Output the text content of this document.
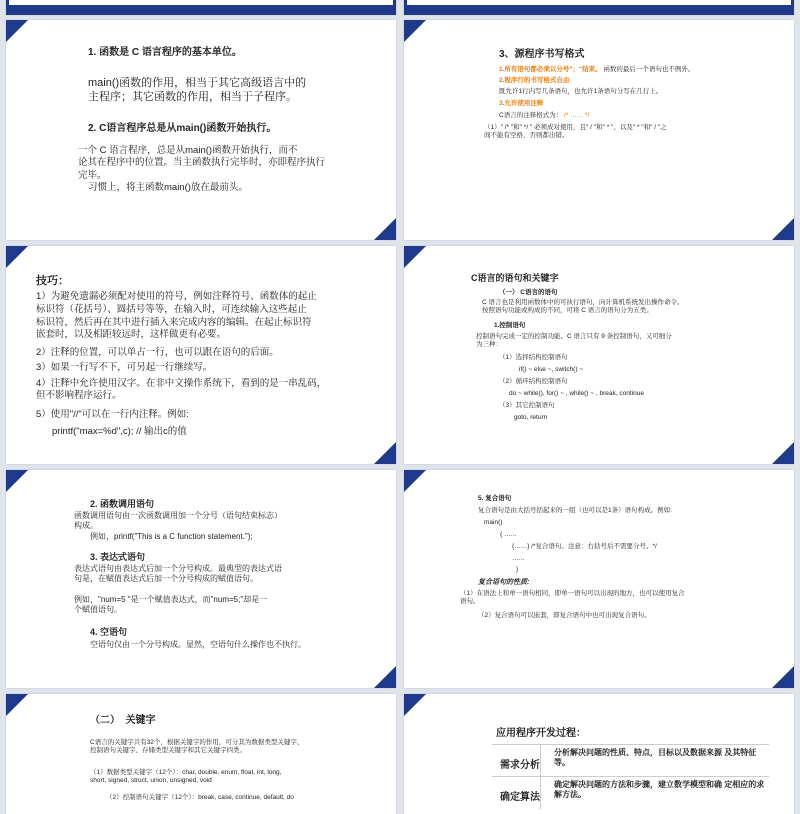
1. 函数是 C 语言程序的基本单位。
main()函数的作用，相当于其它高级语言中的
主程序；其它函数的作用，相当于子程序。
2. C语言程序总是从main()函数开始执行。
一个 C 语言程序，总是从main()函数开始执行，而不
论其在程序中的位置。当主函数执行完毕时，亦即程序执行
完毕。
习惯上，将主函数main()放在最前头。
3、源程序书写格式
1.所有语句都必须以分号"；"结束。 函数的最后一个语句也不例外。
2.程序行的书写格式自由
既允许1行内写几条语句，也允许1条语句分写在几行上。
3.允许使用注释
C语言的注释格式为： /* …… */
（1）" /* "和" */ " 必须成对使用，且" / "和" * "、以及" * "和" / "之
间不能有空格，否则都出错。
技巧：
1）为避免遗漏必须配对使用的符号，例如注释符号、函数体的起止
标识符（花括号）、圆括号等等，在输入时，可连续输入这些起止
标识符，然后再在其中进行插入来完成内容的编辑。在起止标识符
嵌套时，以及相距较远时，这样做更有必要。
2）注释的位置，可以单占一行，也可以跟在语句的后面。
3）如果一行写不下，可另起一行继续写。
4）注释中允许使用汉字。在非中文操作系统下，看到的是一串乱码，
但不影响程序运行。
5）使用"//"可以在一行内注释。例如:
printf("max=%d",c); // 输出c的值
C语言的语句和关键字
（一） C语言的语句
C 语言也是利用函数体中的可执行语句，向计算机系统发出操作命令。
按照语句功能或构成的不同，可将 C 语言的语句分为五类。
1.控制语句
控制语句完成一定的控制功能。C 语言只有 9 条控制语句，又可细分
为三种：
（1）选择结构控制语句
if() ~ else ~, switch() ~
（2）循环结构控制语句
do ~ while(), for() ~ , while() ~ , break, continue
（3）其它控制语句
goto, return
2. 函数调用语句
函数调用语句由一次函数调用加一个分号（语句结束标志）
构成。
例如，printf("This is a C function statement.");
3. 表达式语句
表达式语句由表达式后加一个分号构成。最典型的表达式语
句是，在赋值表达式后加一个分号构成的赋值语句。
例如，"num=5 "是一个赋值表达式，而"num=5;"却是一
个赋值语句。
4. 空语句
空语句仅由一个分号构成。显然，空语句什么操作也不执行。
5. 复合语句
复合语句是由大括号括起来的一组（也可以是1条）语句构成。例如:
main()
{ ……
{……} /*复合语句。注意：右括号后不需要分号。*/
……
}
复合语句的性质:
（1）在语法上和单一语句相同，即单一语句可以出现的地方，也可以使用复合
语句。
（2）复合语句可以嵌套，即复合语句中也可出现复合语句。
（二）  关键字
C语言的关键字共有32个，根据关键字的作用，可分其为数据类型关键字、
控制语句关键字、存储类型关键字和其它关键字四类。
（1）数据类型关键字（12个）：char, double, enum, float, int, long,
short, signed, struct, union, unsigned, void
（2）控制语句关键字（12个）：break, case, continue, default, do
应用程序开发过程：
需求分析
分析解决问题的性质、特点，目标以及数据来源 及其特征等。
确定算法
确定解决问题的方法和步骤，建立数学模型和确 定相应的求解方法。
